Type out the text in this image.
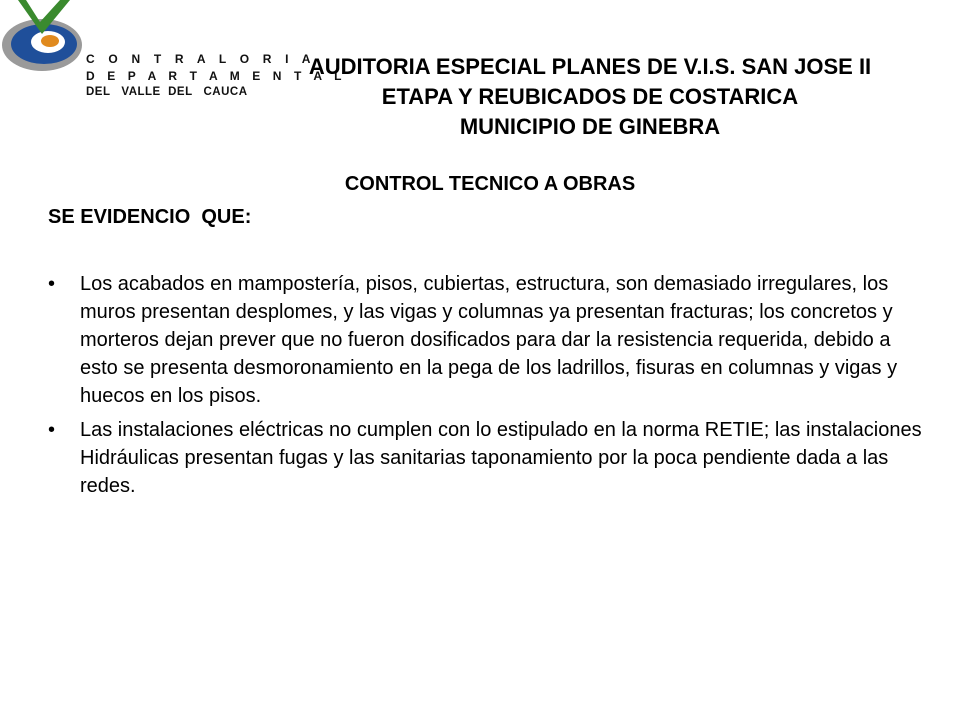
C O N T R A L O R I A
D E P A R T A M E N T A L
DEL   VALLE  DEL   CAUCA
AUDITORIA ESPECIAL PLANES DE V.I.S. SAN JOSE II
ETAPA Y REUBICADOS DE COSTARICA
MUNICIPIO DE GINEBRA
CONTROL TECNICO A OBRAS
SE EVIDENCIO  QUE:
•	Los acabados en mampostería, pisos, cubiertas, estructura, son demasiado irregulares, los muros presentan desplomes, y las vigas y columnas ya presentan fracturas; los concretos y morteros dejan prever que no fueron dosificados para dar la resistencia requerida, debido a esto se presenta desmoronamiento en la pega de los ladrillos, fisuras en columnas y vigas y huecos en los pisos.
•	Las instalaciones eléctricas no cumplen con lo estipulado en la norma RETIE; las instalaciones Hidráulicas presentan fugas y las sanitarias taponamiento por la poca pendiente dada a las redes.
